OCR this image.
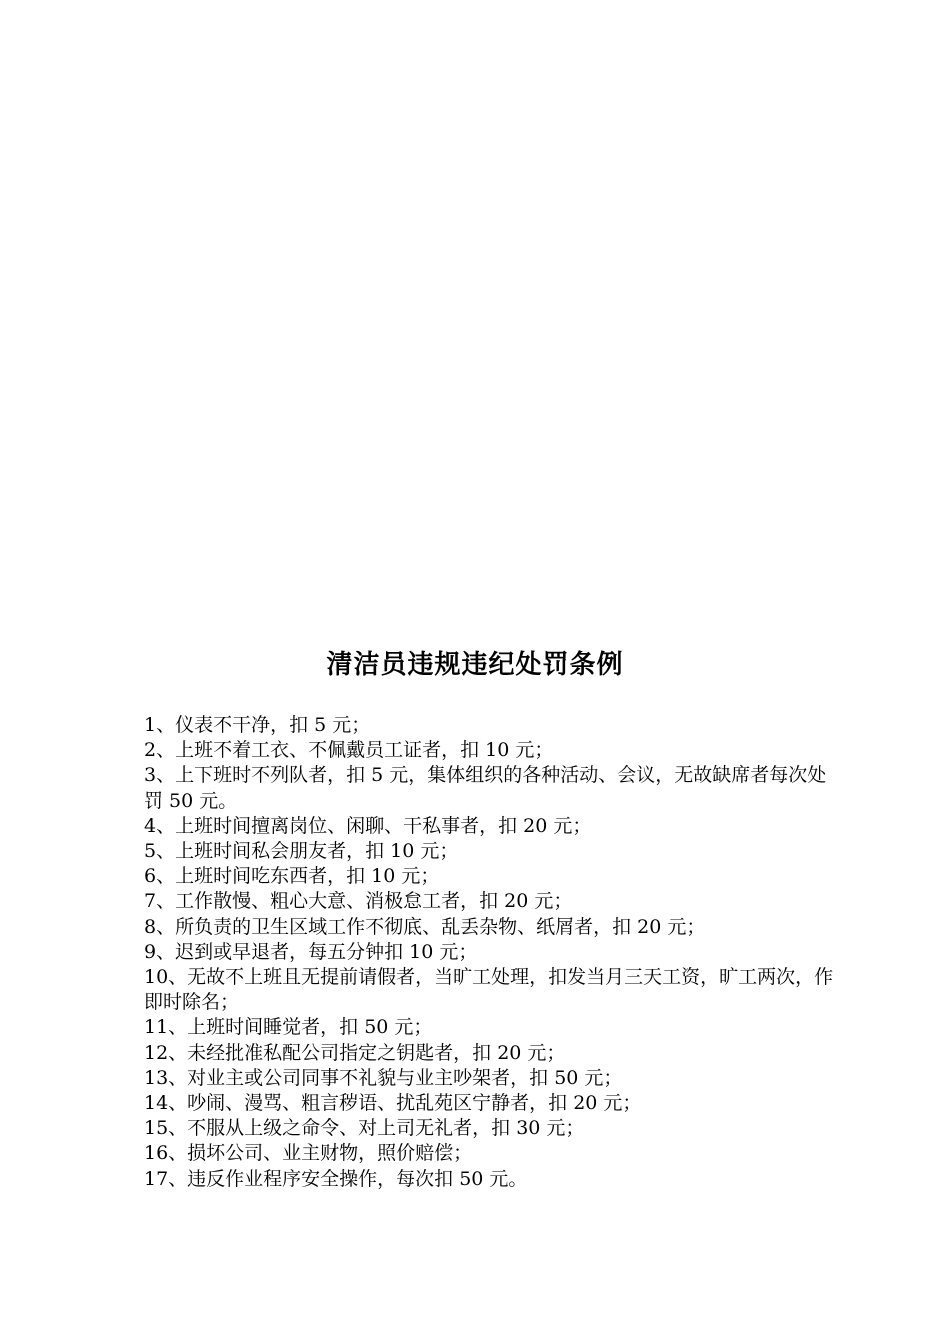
清洁员违规违纪处罚条例
1、仪表不干净，扣 5 元；
2、上班不着工衣、不佩戴员工证者，扣 10 元；
3、上下班时不列队者，扣 5 元，集体组织的各种活动、会议，无故缺席者每次处罚 50 元。
4、上班时间擅离岗位、闲聊、干私事者，扣 20 元；
5、上班时间私会朋友者，扣 10 元；
6、上班时间吃东西者，扣 10 元；
7、工作散慢、粗心大意、消极怠工者，扣 20 元；
8、所负责的卫生区域工作不彻底、乱丢杂物、纸屑者，扣 20 元；
9、迟到或早退者，每五分钟扣 10 元；
10、无故不上班且无提前请假者，当旷工处理，扣发当月三天工资，旷工两次，作即时除名；
11、上班时间睡觉者，扣 50 元；
12、未经批准私配公司指定之钥匙者，扣 20 元；
13、对业主或公司同事不礼貌与业主吵架者，扣 50 元；
14、吵闹、漫骂、粗言秽语、扰乱苑区宁静者，扣 20 元；
15、不服从上级之命令、对上司无礼者，扣 30 元；
16、损坏公司、业主财物，照价赔偿；
17、违反作业程序安全操作，每次扣 50 元。
